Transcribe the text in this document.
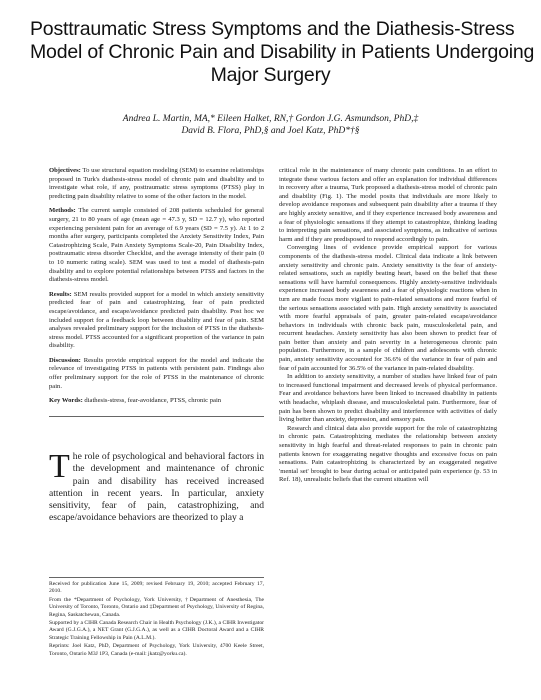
Posttraumatic Stress Symptoms and the Diathesis-Stress
Model of Chronic Pain and Disability in Patients Undergoing
Major Surgery
Andrea L. Martin, MA,* Eileen Halket, RN,† Gordon J.G. Asmundson, PhD,‡
David B. Flora, PhD,§ and Joel Katz, PhD*†§

Objectives: To use structural equation modeling (SEM) to examine relationships proposed in Turk's diathesis-stress model of chronic pain and disability and to investigate what role, if any, posttraumatic stress symptoms (PTSS) play in predicting pain disability relative to some of the other factors in the model.

Methods: The current sample consisted of 208 patients scheduled for general surgery, 21 to 80 years of age (mean age = 47.3 y, SD = 12.7 y), who reported experiencing persistent pain for an average of 6.9 years (SD = 7.5 y). At 1 to 2 months after surgery, participants completed the Anxiety Sensitivity Index, Pain Catastrophizing Scale, Pain Anxiety Symptoms Scale-20, Pain Disability Index, posttraumatic stress disorder Checklist, and the average intensity of their pain (0 to 10 numeric rating scale). SEM was used to test a model of diathesis-pain disability and to explore potential relationships between PTSS and factors in the diathesis-stress model.

Results: SEM results provided support for a model in which anxiety sensitivity predicted fear of pain and catastrophizing, fear of pain predicted escape/avoidance, and escape/avoidance predicted pain disability. Post hoc we included support for a feedback loop between disability and fear of pain. SEM analyses revealed preliminary support for the inclusion of PTSS in the diathesis-stress model. PTSS accounted for a significant proportion of the variance in pain disability.

Discussion: Results provide empirical support for the model and indicate the relevance of investigating PTSS in patients with persistent pain. Findings also offer preliminary support for the role of PTSS in the maintenance of chronic pain.

Key Words: diathesis-stress, fear-avoidance, PTSS, chronic pain

The role of psychological and behavioral factors in the development and maintenance of chronic pain and disability has received increased attention in recent years. In particular, anxiety sensitivity, fear of pain, catastrophizing, and escape/avoidance behaviors are theorized to play a

Received for publication June 15, 2009; revised February 19, 2010; accepted February 17, 2010.

From the *Department of Psychology, York University, †Department of Anesthesia, The University of Toronto, Toronto, Ontario and ‡Department of Psychology, University of Regina, Regina, Saskatchewan, Canada.

Supported by a CIHR Canada Research Chair in Health Psychology (J.K.), a CIHR Investigator Award (G.J.G.A.), a NET Grant (G.J.G.A.), as well as a CIHR Doctoral Award and a CIHR Strategic Training Fellowship in Pain (A.L.M.).

Reprints: Joel Katz, PhD, Department of Psychology, York University, 4700 Keele Street, Toronto, Ontario M3J 1P3, Canada (e-mail: jkatz@yorku.ca).

critical role in the maintenance of many chronic pain conditions. In an effort to integrate these various factors and offer an explanation for individual differences in recovery after a trauma, Turk proposed a diathesis-stress model of chronic pain and disability (Fig. 1). The model posits that individuals are more likely to develop avoidance responses and subsequent pain disability after a trauma if they are highly anxiety sensitive, and if they experience increased body awareness and a fear of physiologic sensations if they attempt to catastrophize, thinking leading to interpreting pain sensations, and associated symptoms, as indicative of serious harm and if they are predisposed to respond accordingly to pain.

Converging lines of evidence provide empirical support for various components of the diathesis-stress model. Clinical data indicate a link between anxiety sensitivity and chronic pain. Anxiety sensitivity is the fear of anxiety-related sensations, such as rapidly beating heart, based on the belief that these sensations will have harmful consequences. Highly anxiety-sensitive individuals experience increased body awareness and a fear of physiologic reactions when in turn are made focus more vigilant to pain-related sensations and more fearful of the serious sensations associated with pain. High anxiety sensitivity is associated with more fearful appraisals of pain, greater pain-related escape/avoidance behaviors in individuals with chronic back pain, musculoskeletal pain, and recurrent headaches. Anxiety sensitivity has also been shown to predict fear of pain better than anxiety and pain severity in a heterogeneous chronic pain population. Furthermore, in a sample of children and adolescents with chronic pain, anxiety sensitivity accounted for 36.6% of the variance in fear of pain and fear of pain accounted for 36.5% of the variance in pain-related disability.

In addition to anxiety sensitivity, a number of studies have linked fear of pain to increased functional impairment and decreased levels of physical performance. Fear and avoidance behaviors have been linked to increased disability in patients with headache, whiplash disease, and musculoskeletal pain. Furthermore, fear of pain has been shown to predict disability and interference with activities of daily living better than anxiety, depression, and sensory pain.

Research and clinical data also provide support for the role of catastrophizing in chronic pain. Catastrophizing mediates the relationship between anxiety sensitivity in high fearful and threat-related responses to pain in chronic pain patients known for exaggerating negative thoughts and excessive focus on pain sensations. Pain catastrophizing is characterized by an exaggerated negative 'mental set' brought to bear during actual or anticipated pain experience (p. 53 in Ref. 18), unrealistic beliefs that the current situation will
